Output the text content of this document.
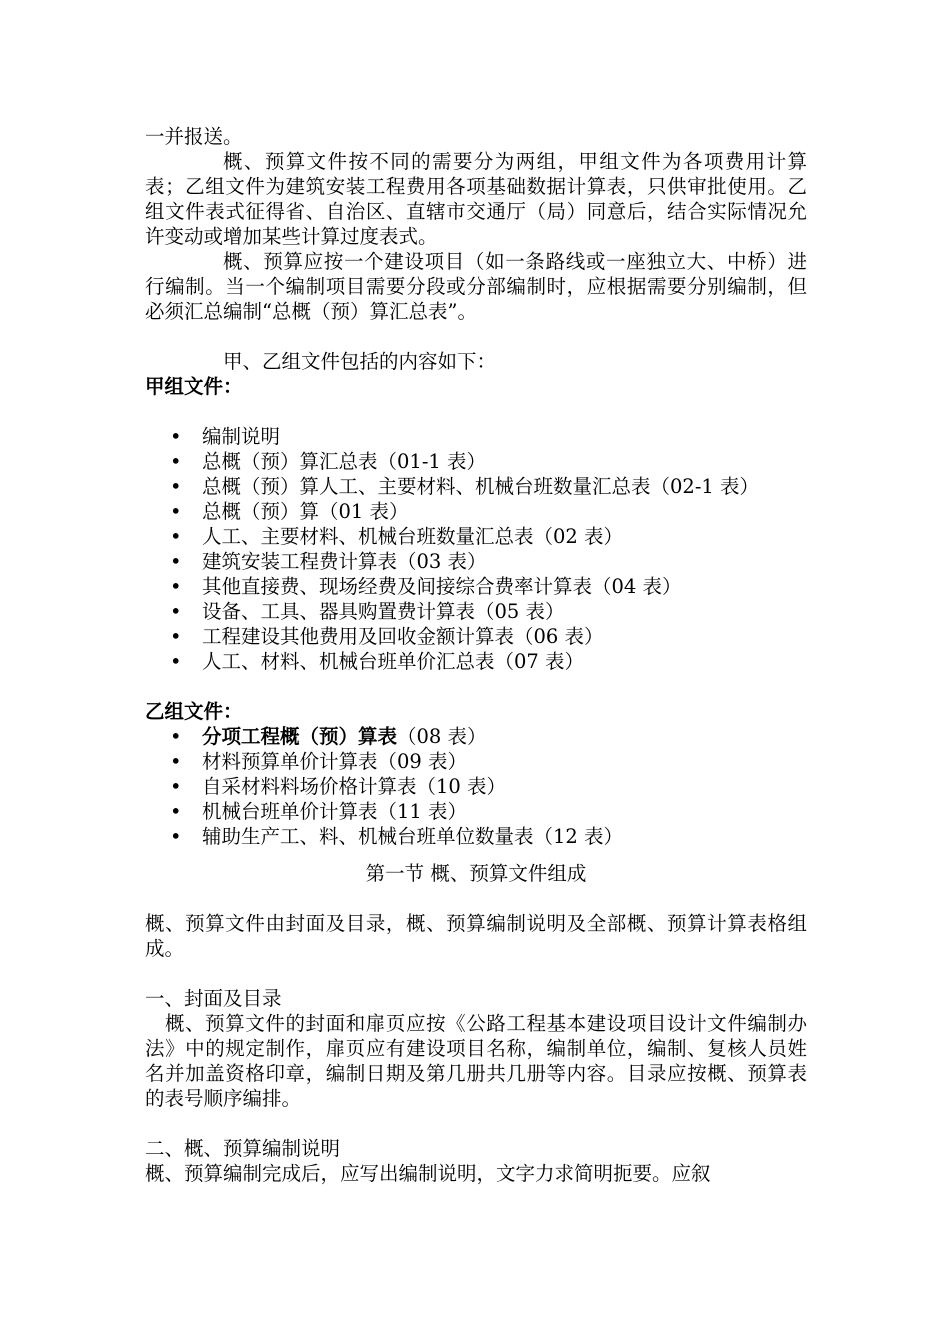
一并报送。

概、预算文件按不同的需要分为两组，甲组文件为各项费用计算表；乙组文件为建筑安装工程费用各项基础数据计算表，只供审批使用。乙组文件表式征得省、自治区、直辖市交通厅（局）同意后，结合实际情况允许变动或增加某些计算过度表式。

概、预算应按一个建设项目（如一条路线或一座独立大、中桥）进行编制。当一个编制项目需要分段或分部编制时，应根据需要分别编制，但必须汇总编制“总概（预）算汇总表”。

甲、乙组文件包括的内容如下：

甲组文件：

• 编制说明
• 总概（预）算汇总表（01-1 表）
• 总概（预）算人工、主要材料、机械台班数量汇总表（02-1 表）
• 总概（预）算（01 表）
• 人工、主要材料、机械台班数量汇总表（02 表）
• 建筑安装工程费计算表（03 表）
• 其他直接费、现场经费及间接综合费率计算表（04 表）
• 设备、工具、器具购置费计算表（05 表）
• 工程建设其他费用及回收金额计算表（06 表）
• 人工、材料、机械台班单价汇总表（07 表）

乙组文件：

• 分项工程概（预）算表（08 表）
• 材料预算单价计算表（09 表）
• 自采材料料场价格计算表（10 表）
• 机械台班单价计算表（11 表）
• 辅助生产工、料、机械台班单位数量表（12 表）

第一节 概、预算文件组成

概、预算文件由封面及目录，概、预算编制说明及全部概、预算计算表格组成。

一、封面及目录

概、预算文件的封面和扉页应按《公路工程基本建设项目设计文件编制办法》中的规定制作，扉页应有建设项目名称，编制单位，编制、复核人员姓名并加盖资格印章，编制日期及第几册共几册等内容。目录应按概、预算表的表号顺序编排。

二、概、预算编制说明

概、预算编制完成后，应写出编制说明，文字力求简明扼要。应叙
